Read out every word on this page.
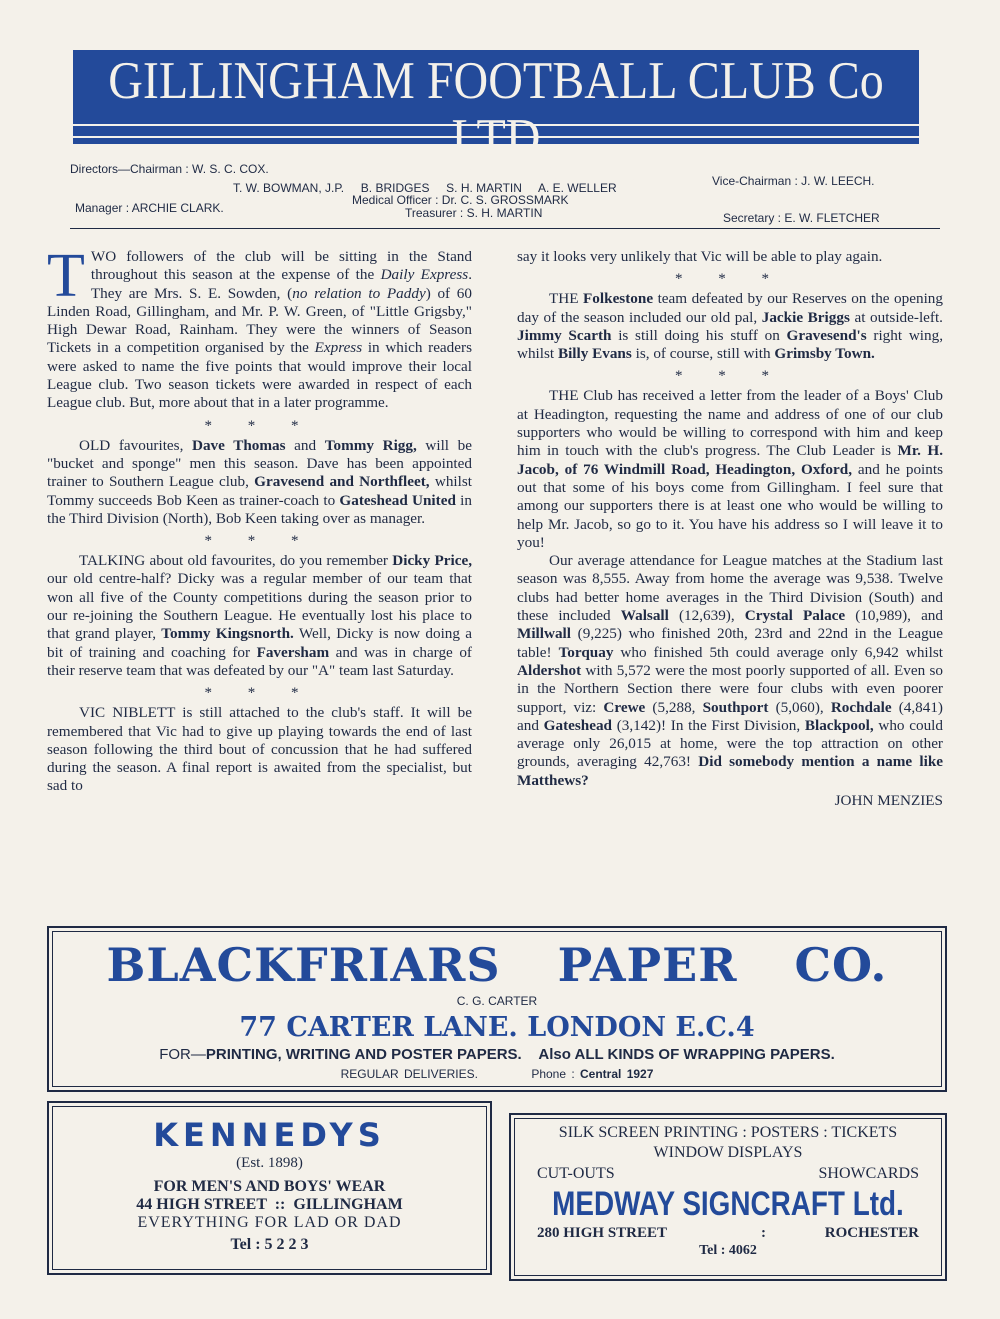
GILLINGHAM FOOTBALL CLUB Co LTD
Priestfield Stadium Gillingham
Directors—Chairman : W. S. C. COX.
Vice-Chairman : J. W. LEECH.
T. W. BOWMAN, J.P.     B. BRIDGES     S. H. MARTIN     A. E. WELLER
Medical Officer : Dr. C. S. GROSSMARK
Manager : ARCHIE CLARK.	Treasurer : S. H. MARTIN	Secretary : E. W. FLETCHER

TWO followers of the club will be sitting in the Stand throughout this season at the expense of the Daily Express. They are Mrs. S. E. Sowden, (no relation to Paddy) of 60 Linden Road, Gillingham, and Mr. P. W. Green, of "Little Grigsby," High Dewar Road, Rainham. They were the winners of Season Tickets in a competition organised by the Express in which readers were asked to name the five points that would improve their local League club. Two season tickets were awarded in respect of each League club. But, more about that in a later programme.

* * *

OLD favourites, Dave Thomas and Tommy Rigg, will be "bucket and sponge" men this season. Dave has been appointed trainer to Southern League club, Gravesend and Northfleet, whilst Tommy succeeds Bob Keen as trainer-coach to Gateshead United in the Third Division (North), Bob Keen taking over as manager.

* * *

TALKING about old favourites, do you remember Dicky Price, our old centre-half? Dicky was a regular member of our team that won all five of the County competitions during the season prior to our re-joining the Southern League. He eventually lost his place to that grand player, Tommy Kingsnorth. Well, Dicky is now doing a bit of training and coaching for Faversham and was in charge of their reserve team that was defeated by our "A" team last Saturday.

* * *

VIC NIBLETT is still attached to the club's staff. It will be remembered that Vic had to give up playing towards the end of last season following the third bout of concussion that he had suffered during the season. A final report is awaited from the specialist, but sad to

say it looks very unlikely that Vic will be able to play again.

* * *

THE Folkestone team defeated by our Reserves on the opening day of the season included our old pal, Jackie Briggs at outside-left. Jimmy Scarth is still doing his stuff on Gravesend's right wing, whilst Billy Evans is, of course, still with Grimsby Town.

* * *

THE Club has received a letter from the leader of a Boys' Club at Headington, requesting the name and address of one of our club supporters who would be willing to correspond with him and keep him in touch with the club's progress. The Club Leader is Mr. H. Jacob, of 76 Windmill Road, Headington, Oxford, and he points out that some of his boys come from Gillingham. I feel sure that among our supporters there is at least one who would be willing to help Mr. Jacob, so go to it. You have his address so I will leave it to you!

Our average attendance for League matches at the Stadium last season was 8,555. Away from home the average was 9,538. Twelve clubs had better home averages in the Third Division (South) and these included Walsall (12,639), Crystal Palace (10,989), and Millwall (9,225) who finished 20th, 23rd and 22nd in the League table! Torquay who finished 5th could average only 6,942 whilst Aldershot with 5,572 were the most poorly supported of all. Even so in the Northern Section there were four clubs with even poorer support, viz: Crewe (5,288, Southport (5,060), Rochdale (4,841) and Gateshead (3,142)! In the First Division, Blackpool, who could average only 26,015 at home, were the top attraction on other grounds, averaging 42,763! Did somebody mention a name like Matthews?

JOHN MENZIES
BLACKFRIARS PAPER CO.
C. G. CARTER
77 CARTER LANE. LONDON E.C.4
FOR—PRINTING, WRITING AND POSTER PAPERS. Also ALL KINDS OF WRAPPING PAPERS.
REGULAR DELIVERIES.	Phone : Central 1927
KENNEDYS
(Est. 1898)
FOR MEN'S AND BOYS' WEAR
44 HIGH STREET  ::  GILLINGHAM
EVERYTHING FOR LAD OR DAD
Tel : 5 2 2 3
SILK SCREEN PRINTING : POSTERS : TICKETS
WINDOW DISPLAYS
CUT-OUTS	SHOWCARDS
MEDWAY SIGNCRAFT Ltd.
280 HIGH STREET	:	ROCHESTER
Tel : 4062
